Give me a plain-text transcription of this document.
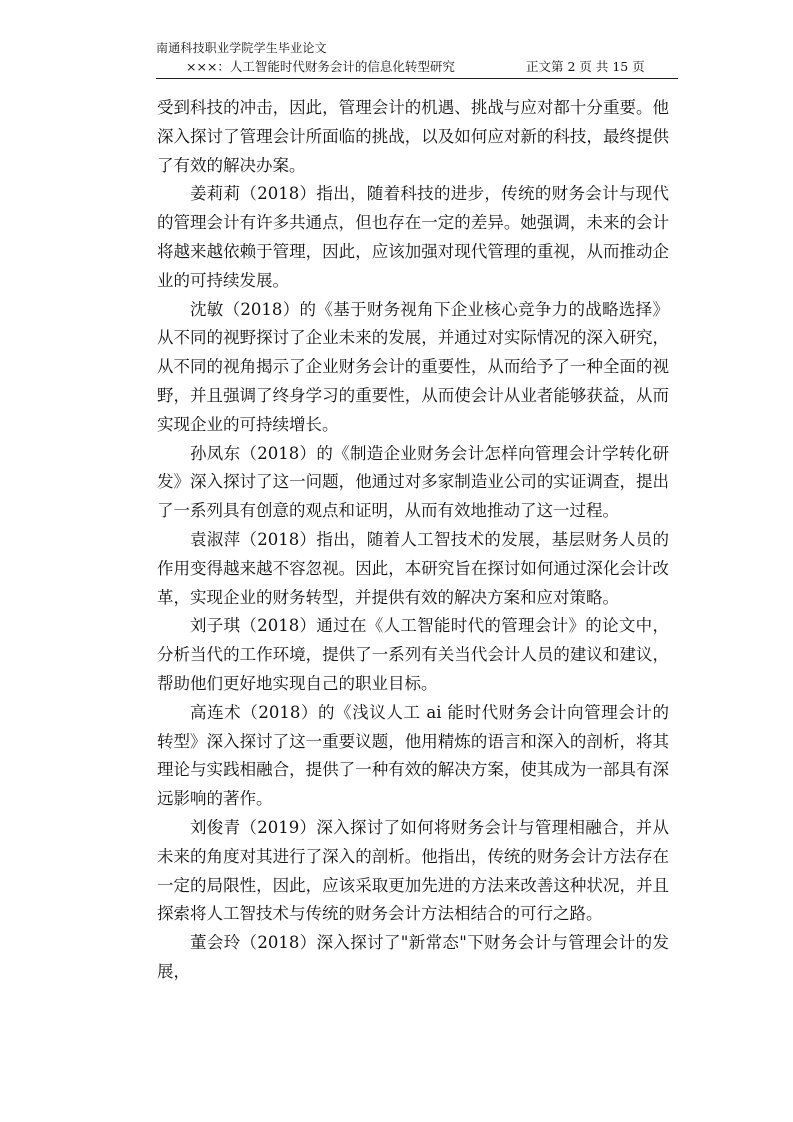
南通科技职业学院学生毕业论文
×××：人工智能时代财务会计的信息化转型研究	正文第 2 页 共 15 页

受到科技的冲击，因此，管理会计的机遇、挑战与应对都十分重要。他深入探讨了管理会计所面临的挑战，以及如何应对新的科技，最终提供了有效的解决办案。

姜莉莉（2018）指出，随着科技的进步，传统的财务会计与现代的管理会计有许多共通点，但也存在一定的差异。她强调，未来的会计将越来越依赖于管理，因此，应该加强对现代管理的重视，从而推动企业的可持续发展。

沈敏（2018）的《基于财务视角下企业核心竞争力的战略选择》从不同的视野探讨了企业未来的发展，并通过对实际情况的深入研究，从不同的视角揭示了企业财务会计的重要性，从而给予了一种全面的视野，并且强调了终身学习的重要性，从而使会计从业者能够获益，从而实现企业的可持续增长。

孙凤东（2018）的《制造企业财务会计怎样向管理会计学转化研发》深入探讨了这一问题，他通过对多家制造业公司的实证调查，提出了一系列具有创意的观点和证明，从而有效地推动了这一过程。

袁淑萍（2018）指出，随着人工智技术的发展，基层财务人员的作用变得越来越不容忽视。因此，本研究旨在探讨如何通过深化会计改革，实现企业的财务转型，并提供有效的解决方案和应对策略。

刘子琪（2018）通过在《人工智能时代的管理会计》的论文中，分析当代的工作环境，提供了一系列有关当代会计人员的建议和建议，帮助他们更好地实现自己的职业目标。

高连术（2018）的《浅议人工 ai 能时代财务会计向管理会计的转型》深入探讨了这一重要议题，他用精炼的语言和深入的剖析，将其理论与实践相融合，提供了一种有效的解决方案，使其成为一部具有深远影响的著作。

刘俊青（2019）深入探讨了如何将财务会计与管理相融合，并从未来的角度对其进行了深入的剖析。他指出，传统的财务会计方法存在一定的局限性，因此，应该采取更加先进的方法来改善这种状况，并且探索将人工智技术与传统的财务会计方法相结合的可行之路。

董会玲（2018）深入探讨了"新常态"下财务会计与管理会计的发展，
